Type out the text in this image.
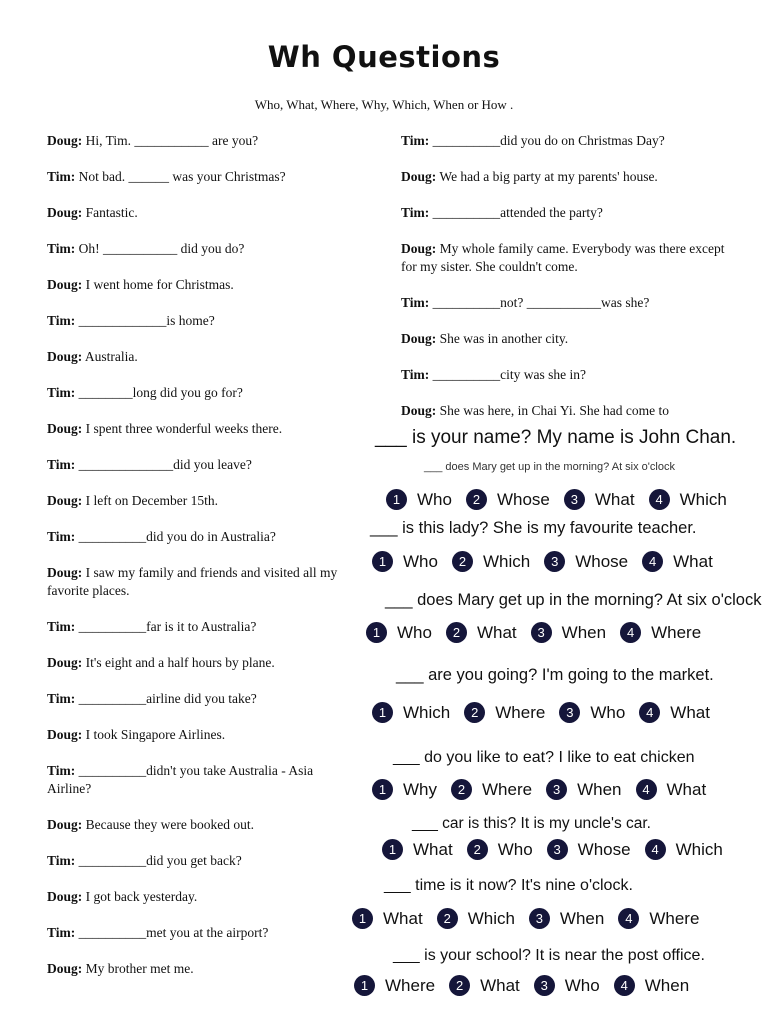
Wh Questions
Who, What, Where, Why, Which, When or How .
Doug: Hi, Tim. ___________ are you?
Tim: Not bad. ______ was your Christmas?
Doug: Fantastic.
Tim: Oh! ___________ did you do?
Doug: I went home for Christmas.
Tim: _____________is home?
Doug: Australia.
Tim: ________long did you go for?
Doug: I spent three wonderful weeks there.
Tim: ______________did you leave?
Doug: I left on December 15th.
Tim: __________did you do in Australia?
Doug: I saw my family and friends and visited all my favorite places.
Tim: __________far is it to Australia?
Doug: It's eight and a half hours by plane.
Tim: __________airline did you take?
Doug: I took Singapore Airlines.
Tim: __________didn't you take Australia - Asia Airline?
Doug: Because they were booked out.
Tim: __________did you get back?
Doug: I got back yesterday.
Tim: __________met you at the airport?
Doug: My brother met me.
Tim: __________did you do on Christmas Day?
Doug: We had a big party at my parents' house.
Tim: __________attended the party?
Doug: My whole family came. Everybody was there except for my sister. She couldn't come.
Tim: __________not? ___________was she?
Doug: She was in another city.
Tim: __________city was she in?
Doug: She was here, in Chai Yi. She had come to
___ is your name? My name is John Chan.
___ does Mary get up in the morning? At six o'clock
1 Who	2 Whose	3 What	4 Which
___ is this lady? She is my favourite teacher.
1 Who	2 Which	3 Whose	4 What
___ does Mary get up in the morning? At six o'clock
1 Who	2 What	3 When	4 Where
___ are you going? I'm going to the market.
1 Which	2 Where	3 Who	4 What
___ do you like to eat? I like to eat chicken
1 Why	2 Where	3 When	4 What
___ car is this? It is my uncle's car.
1 What	2 Who	3 Whose	4 Which
___ time is it now? It's nine o'clock.
1 What	2 Which	3 When	4 Where
___ is your school? It is near the post office.
1 Where	2 What	3 Who	4 When
